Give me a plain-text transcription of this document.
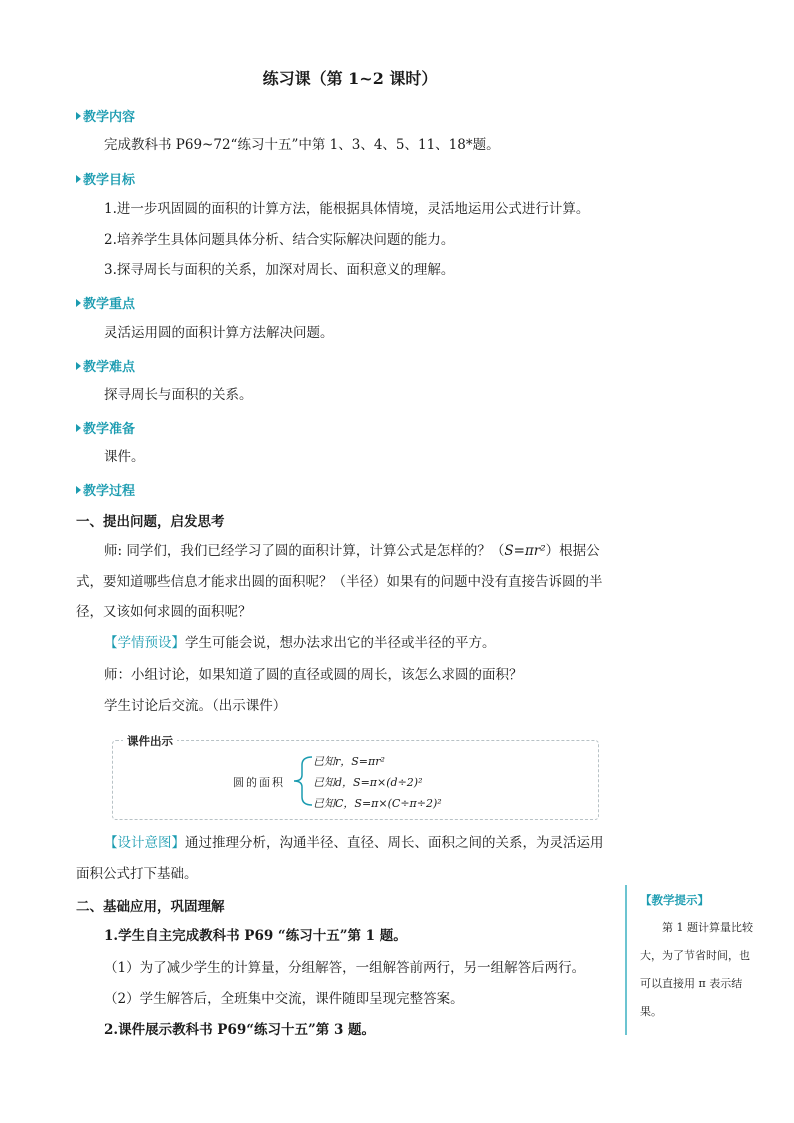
练习课（第 1~2 课时）
教学内容
完成教科书 P69~72“练习十五”中第 1、3、4、5、11、18*题。
教学目标
1.进一步巩固圆的面积的计算方法，能根据具体情境，灵活地运用公式进行计算。
2.培养学生具体问题具体分析、结合实际解决问题的能力。
3.探寻周长与面积的关系，加深对周长、面积意义的理解。
教学重点
灵活运用圆的面积计算方法解决问题。
教学难点
探寻周长与面积的关系。
教学准备
课件。
教学过程
一、提出问题，启发思考
师: 同学们，我们已经学习了圆的面积计算，计算公式是怎样的？（S=πr²）根据公式，要知道哪些信息才能求出圆的面积呢？（半径）如果有的问题中没有直接告诉圆的半径，又该如何求圆的面积呢？
【学情预设】学生可能会说，想办法求出它的半径或半径的平方。
师：小组讨论，如果知道了圆的直径或圆的周长，该怎么求圆的面积？
学生讨论后交流。（出示课件）
课件出示
圆的面积
已知r，S=πr²
已知d，S=π×(d÷2)²
已知C，S=π×(C÷π÷2)²
【设计意图】通过推理分析，沟通半径、直径、周长、面积之间的关系，为灵活运用面积公式打下基础。
二、基础应用，巩固理解
1.学生自主完成教科书 P69 “练习十五”第 1 题。
（1）为了减少学生的计算量，分组解答，一组解答前两行，另一组解答后两行。
（2）学生解答后，全班集中交流，课件随即呈现完整答案。
2.课件展示教科书 P69“练习十五”第 3 题。
【教学提示】
第 1 题计算量比较大，为了节省时间，也可以直接用 π 表示结果。
